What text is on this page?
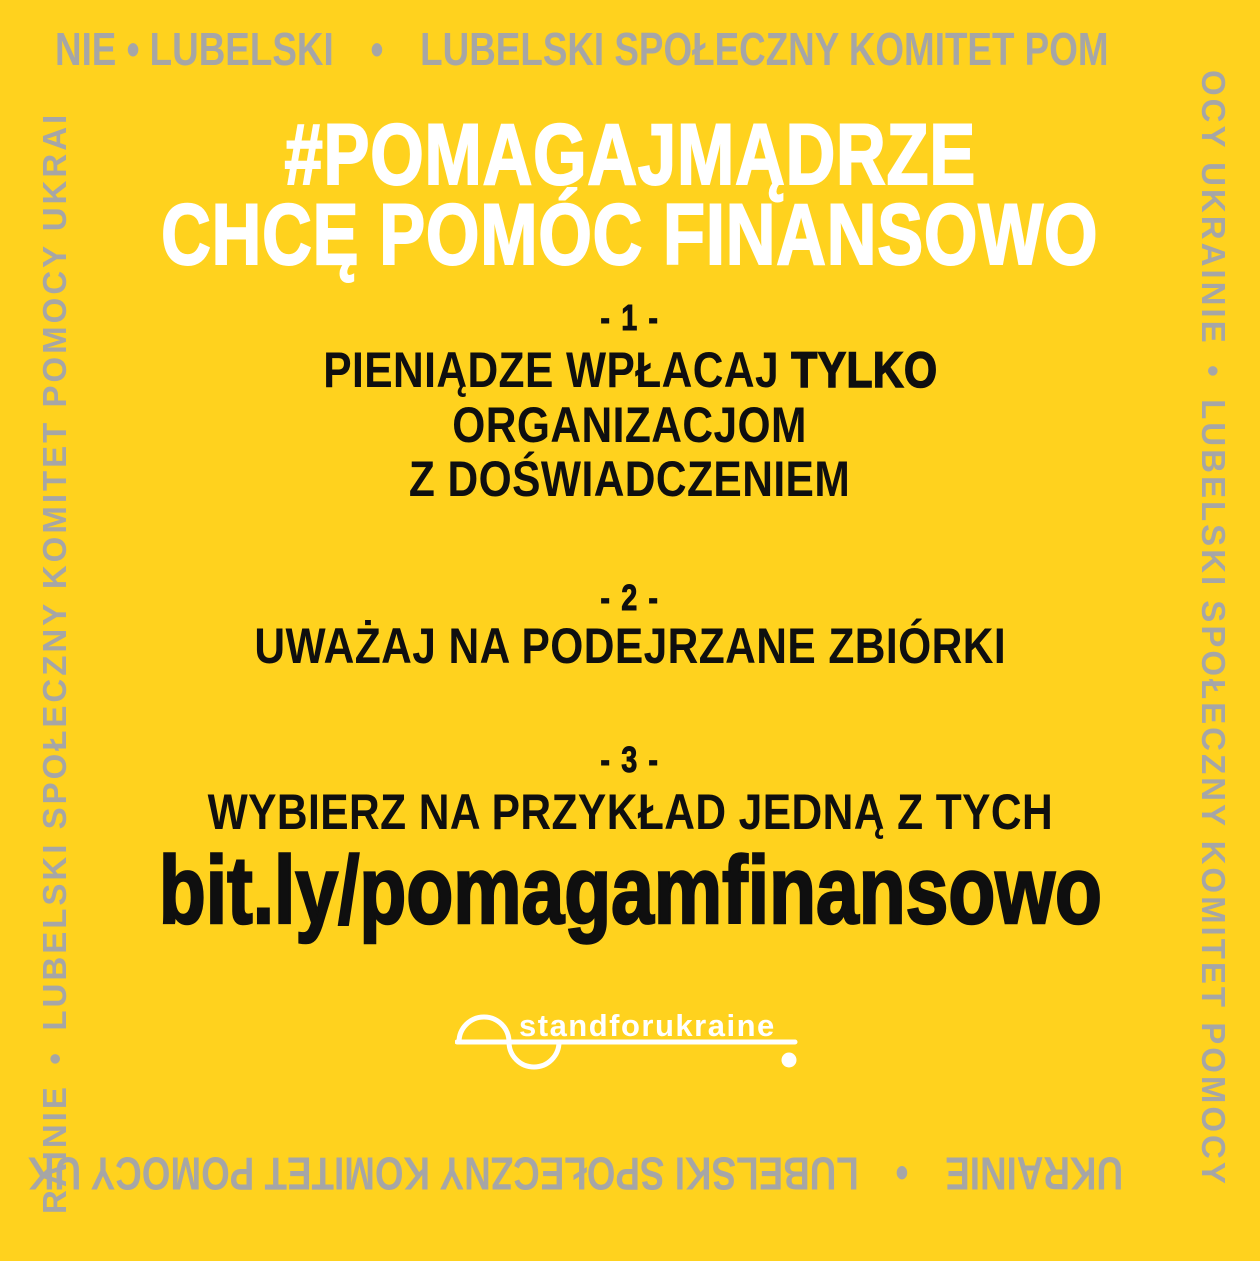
NIE • LUBELSKI • LUBELSKI SPOŁECZNY KOMITET POM
OCY UKRAINIE • LUBELSKI SPOŁECZNY KOMITET POMOCY
UKRAINIE • LUBELSKI SPOŁECZNY KOMITET POMOCY UK
RAINIE • LUBELSKI SPOŁECZNY KOMITET POMOCY UKRAI	#POMAGAJMĄDRZE
CHCĘ POMÓC FINANSOWO
- 1 -
PIENIĄDZE WPŁACAJ TYLKO
ORGANIZACJOM
Z DOŚWIADCZENIEM
- 2 -
UWAŻAJ NA PODEJRZANE ZBIÓRKI
- 3 -
WYBIERZ NA PRZYKŁAD JEDNĄ Z TYCH
bit.ly/pomagamfinansowo
standforukraine
